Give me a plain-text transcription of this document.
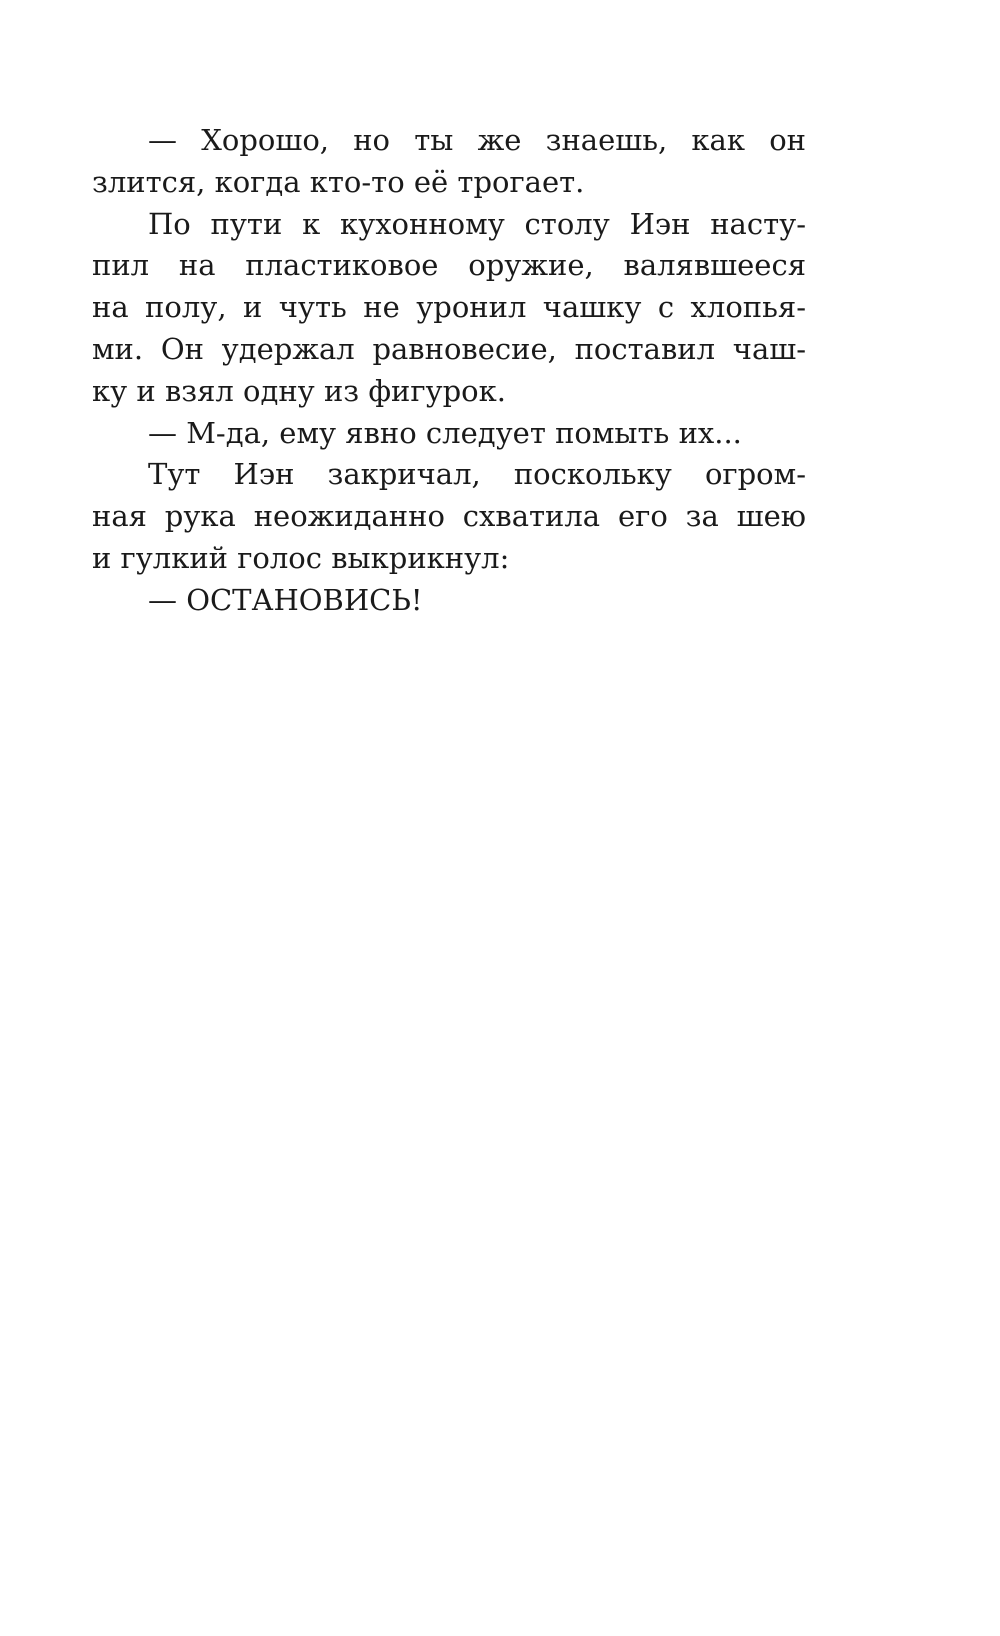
— Хорошо, но ты же знаешь, как он
злится, когда кто-то её трогает.
По пути к кухонному столу Иэн насту-
пил на пластиковое оружие, валявшееся
на полу, и чуть не уронил чашку с хлопья-
ми. Он удержал равновесие, поставил чаш-
ку и взял одну из фигурок.
— М-да, ему явно следует помыть их...
Тут Иэн закричал, поскольку огром-
ная рука неожиданно схватила его за шею
и гулкий голос выкрикнул:
— ОСТАНОВИСЬ!
